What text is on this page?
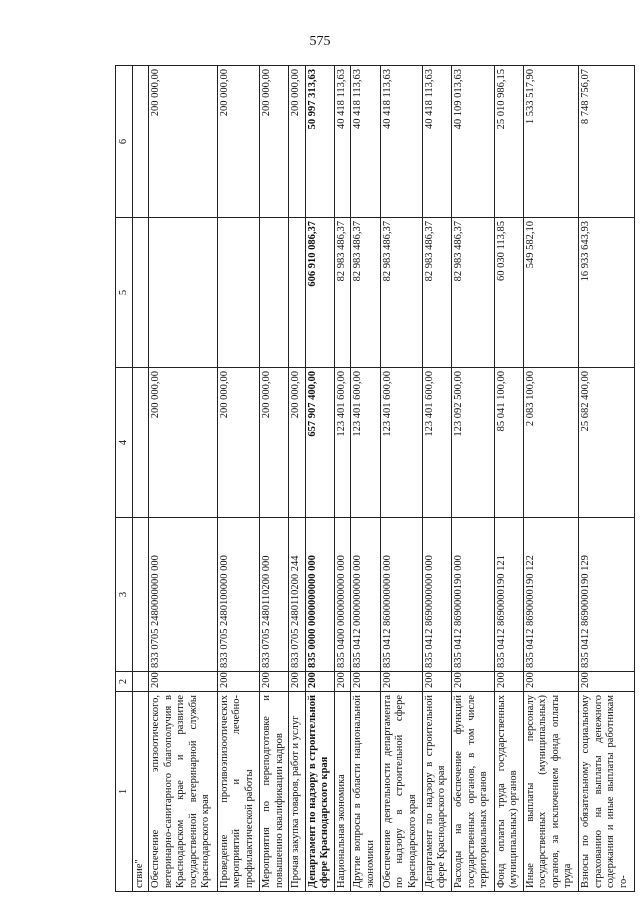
575
1	2	3	4	5	6
ствие"					
Обеспечение эпизоотического, ветеринарно-санитарного благополучия в Краснодарском крае и развитие государственной ветеринарной службы Краснодарского края	200	833 0705 2480000000 000	200 000,00		200 000,00
Проведение противоэпизоотических мероприятий и лечебно-профилактической работы	200	833 0705 2480100000 000	200 000,00		200 000,00
Мероприятия по переподготовке и повышению квалификации кадров	200	833 0705 2480110200 000	200 000,00		200 000,00
Прочая закупка товаров, работ и услуг	200	833 0705 2480110200 244	200 000,00		200 000,00
Департамент по надзору в строительной сфере Краснодарского края	200	835 0000 0000000000 000	657 907 400,00	606 910 086,37	50 997 313,63
Национальная экономика	200	835 0400 0000000000 000	123 401 600,00	82 983 486,37	40 418 113,63
Другие вопросы в области национальной экономики	200	835 0412 0000000000 000	123 401 600,00	82 983 486,37	40 418 113,63
Обеспечение деятельности департамента по надзору в строительной сфере Краснодарского края	200	835 0412 8600000000 000	123 401 600,00	82 983 486,37	40 418 113,63
Департамент по надзору в строительной сфере Краснодарского края	200	835 0412 8690000000 000	123 401 600,00	82 983 486,37	40 418 113,63
Расходы на обеспечение функций государственных органов, в том числе территориальных органов	200	835 0412 8690000190 000	123 092 500,00	82 983 486,37	40 109 013,63
Фонд оплаты труда государственных (муниципальных) органов	200	835 0412 8690000190 121	85 041 100,00	60 030 113,85	25 010 986,15
Иные выплаты персоналу государственных (муниципальных) органов, за исключением фонда оплаты труда	200	835 0412 8690000190 122	2 083 100,00	549 582,10	1 533 517,90
Взносы по обязательному социальному страхованию на выплаты денежного содержания и иные выплаты работникам го-	200	835 0412 8690000190 129	25 682 400,00	16 933 643,93	8 748 756,07
